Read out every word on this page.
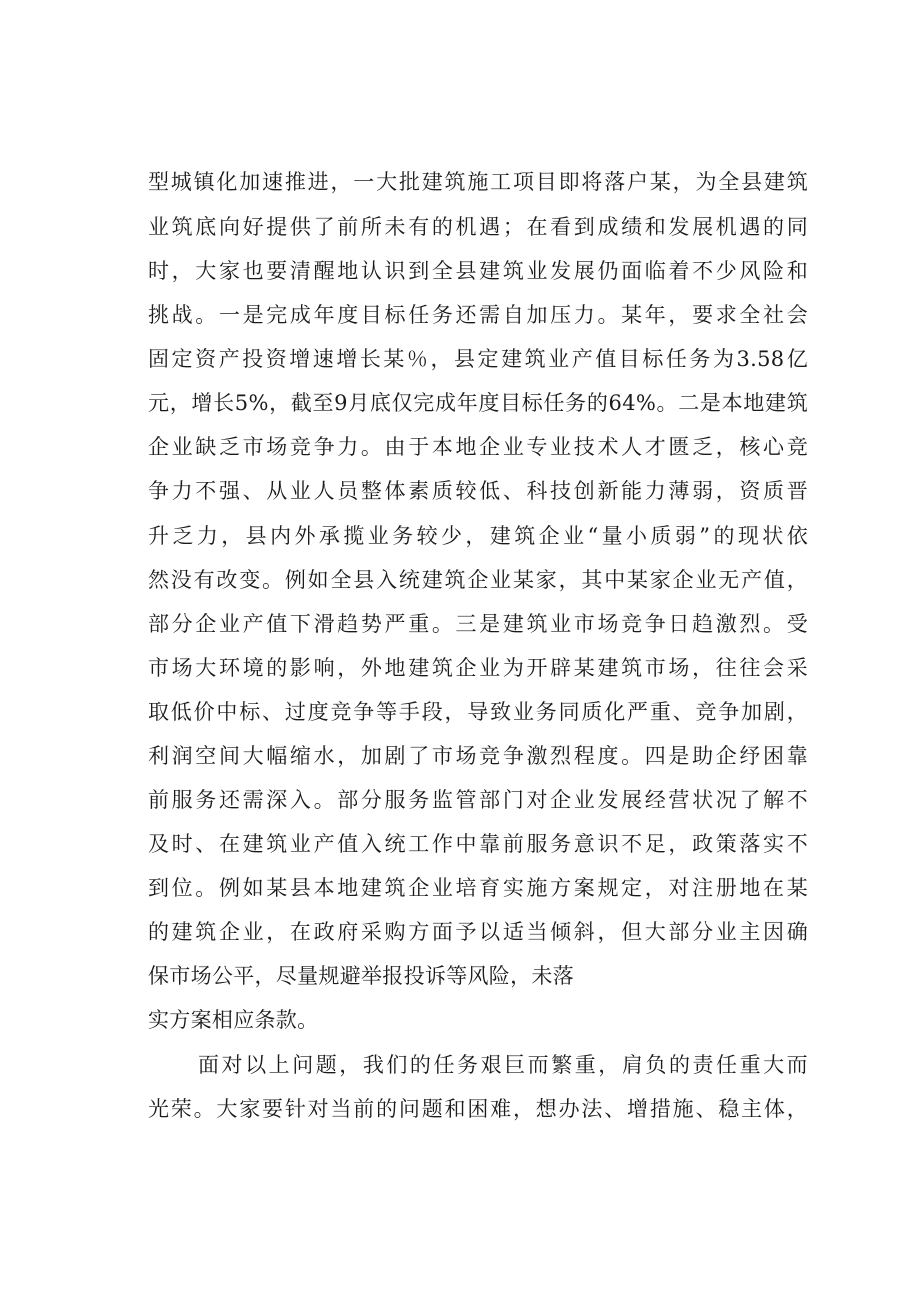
型城镇化加速推进，一大批建筑施工项目即将落户某，为全县建筑
业筑底向好提供了前所未有的机遇；在看到成绩和发展机遇的同
时，大家也要清醒地认识到全县建筑业发展仍面临着不少风险和
挑战。一是完成年度目标任务还需自加压力。某年，要求全社会
固定资产投资增速增长某％，县定建筑业产值目标任务为3.58亿
元，增长5%，截至9月底仅完成年度目标任务的64%。二是本地建筑
企业缺乏市场竞争力。由于本地企业专业技术人才匮乏，核心竞
争力不强、从业人员整体素质较低、科技创新能力薄弱，资质晋
升乏力，县内外承揽业务较少，建筑企业“量小质弱”的现状依
然没有改变。例如全县入统建筑企业某家，其中某家企业无产值，
部分企业产值下滑趋势严重。三是建筑业市场竞争日趋激烈。受
市场大环境的影响，外地建筑企业为开辟某建筑市场，往往会采
取低价中标、过度竞争等手段，导致业务同质化严重、竞争加剧，
利润空间大幅缩水，加剧了市场竞争激烈程度。四是助企纾困靠
前服务还需深入。部分服务监管部门对企业发展经营状况了解不
及时、在建筑业产值入统工作中靠前服务意识不足，政策落实不
到位。例如某县本地建筑企业培育实施方案规定，对注册地在某
的建筑企业，在政府采购方面予以适当倾斜，但大部分业主因确
保市场公平，尽量规避举报投诉等风险，未落
实方案相应条款。
面对以上问题，我们的任务艰巨而繁重，肩负的责任重大而
光荣。大家要针对当前的问题和困难，想办法、增措施、稳主体，
